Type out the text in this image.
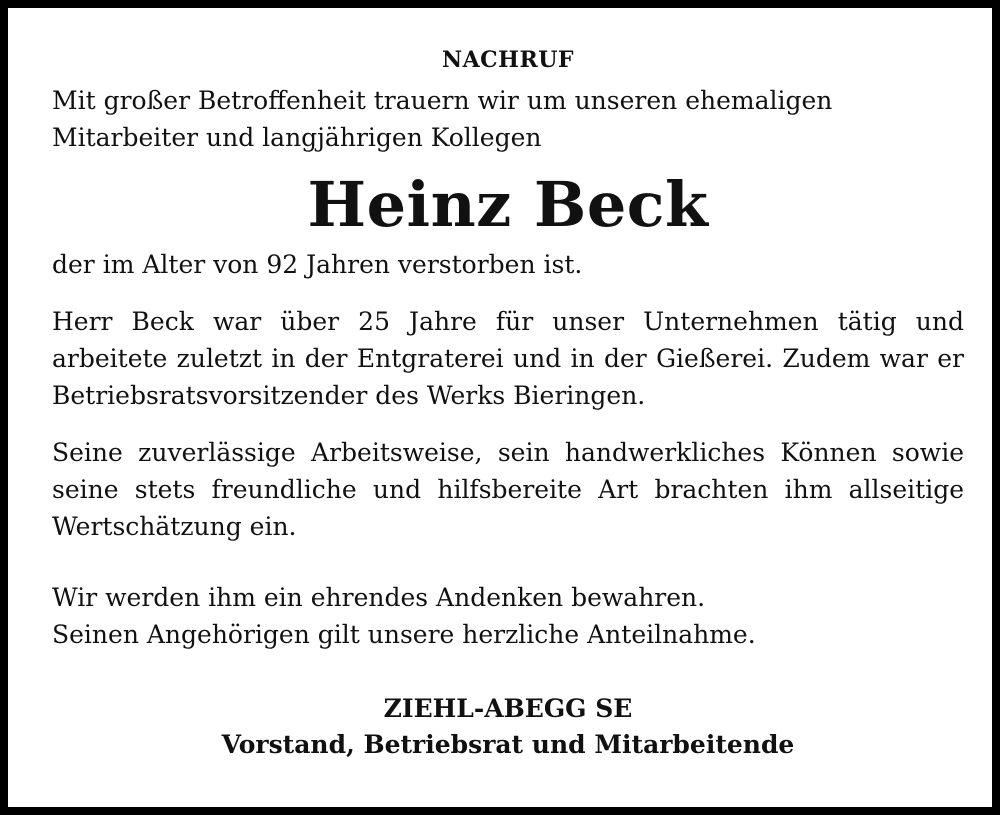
NACHRUF

Mit großer Betroffenheit trauern wir um unseren ehemaligen
Mitarbeiter und langjährigen Kollegen

Heinz Beck

der im Alter von 92 Jahren verstorben ist.

Herr Beck war über 25 Jahre für unser Unternehmen tätig und arbeitete zuletzt in der Entgraterei und in der Gießerei. Zudem war er Betriebsratsvorsitzender des Werks Bieringen.

Seine zuverlässige Arbeitsweise, sein handwerkliches Können sowie seine stets freundliche und hilfsbereite Art brachten ihm allseitige Wertschätzung ein.

Wir werden ihm ein ehrendes Andenken bewahren.
Seinen Angehörigen gilt unsere herzliche Anteilnahme.

ZIEHL-ABEGG SE

Vorstand, Betriebsrat und Mitarbeitende
